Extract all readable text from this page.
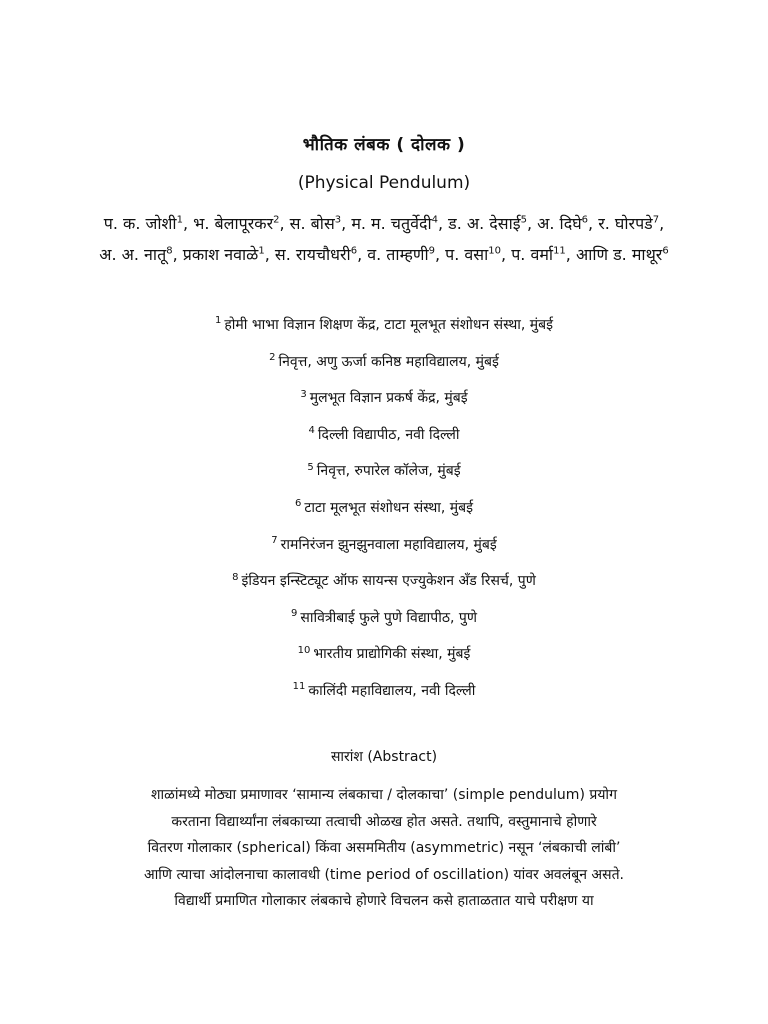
भौतिक लंबक ( दोलक )
(Physical Pendulum)
प. क. जोशी$^1$, भ. बेलापूरकर$^2$, स. बोस$^3$, म. म. चतुर्वेदी$^4$, ड. अ. देसाई$^5$, अ. दिघे$^6$, र. घोरपडे$^7$, अ. अ. नातू$^8$, प्रकाश नवाळे$^1$, स. रायचौधरी$^6$, व. ताम्हणी$^9$, प. वसा$^{10}$, प. वर्मा$^{11}$, आणि ड. माथूर$^6$
$^1$ होमी भाभा विज्ञान शिक्षण केंद्र, टाटा मूलभूत संशोधन संस्था, मुंबई
$^2$ निवृत्त, अणु ऊर्जा कनिष्ठ महाविद्यालय, मुंबई
$^3$ मुलभूत विज्ञान प्रकर्ष केंद्र, मुंबई
$^4$ दिल्ली विद्यापीठ, नवी दिल्ली
$^5$ निवृत्त, रुपारेल कॉलेज, मुंबई
$^6$ टाटा मूलभूत संशोधन संस्था, मुंबई
$^7$ रामनिरंजन झुनझुनवाला महाविद्यालय, मुंबई
$^8$ इंडियन इन्स्टिट्यूट ऑफ सायन्स एज्युकेशन अँड रिसर्च, पुणे
$^9$ सावित्रीबाई फुले पुणे विद्यापीठ, पुणे
$^{10}$ भारतीय प्राद्योगिकी संस्था, मुंबई
$^{11}$ कालिंदी महाविद्यालय, नवी दिल्ली
सारांश (Abstract)
शाळांमध्ये मोठ्या प्रमाणावर ‘सामान्य लंबकाचा / दोलकाचा’ (simple pendulum) प्रयोग
करताना विद्यार्थ्यांना लंबकाच्या तत्वाची ओळख होत असते. तथापि, वस्तुमानाचे होणारे
वितरण गोलाकार (spherical) किंवा असममितीय (asymmetric) नसून ‘लंबकाची लांबी’
आणि त्याचा आंदोलनाचा कालावधी (time period of oscillation) यांवर अवलंबून असते.
विद्यार्थी प्रमाणित गोलाकार लंबकाचे होणारे विचलन कसे हाताळतात याचे परीक्षण या
